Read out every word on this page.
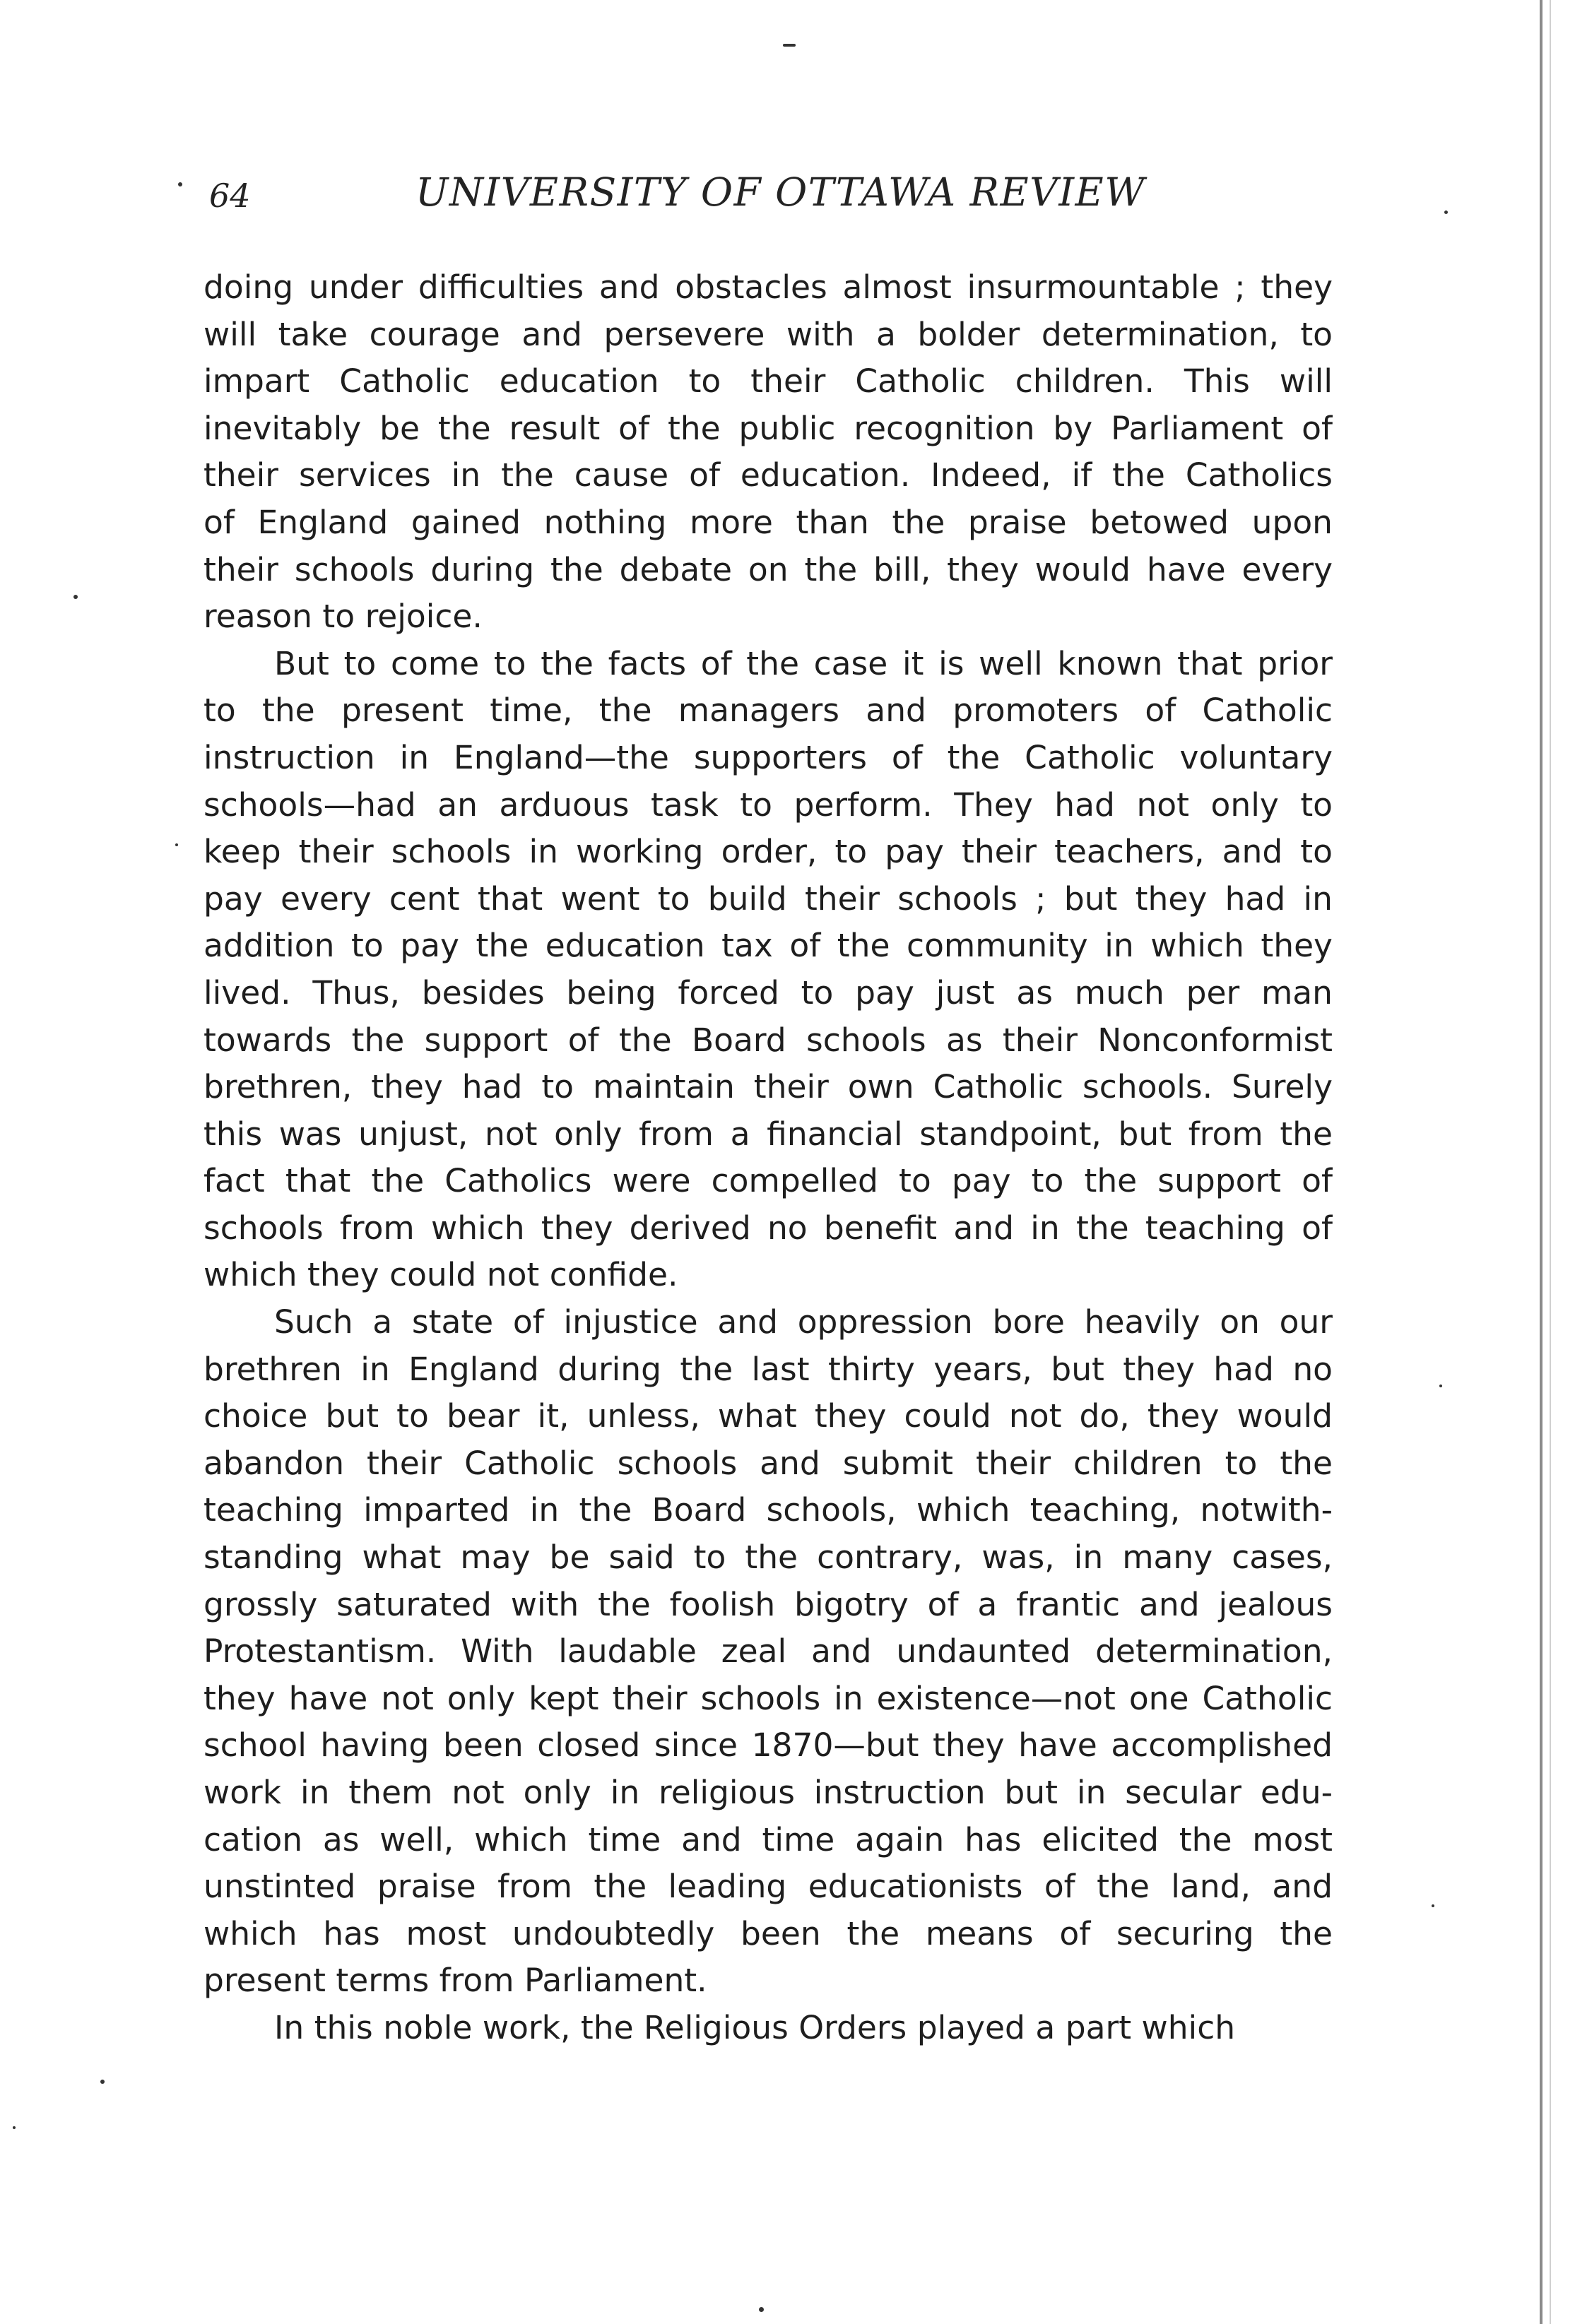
64	UNIVERSITY OF OTTAWA REVIEW
doing under difficulties and obstacles almost insurmountable ; they
will take courage and persevere with a bolder determination, to
impart Catholic education to their Catholic children. This will
inevitably be the result of the public recognition by Parliament of
their services in the cause of education. Indeed, if the Catholics
of England gained nothing more than the praise betowed upon
their schools during the debate on the bill, they would have every
reason to rejoice.
But to come to the facts of the case it is well known that prior
to the present time, the managers and promoters of Catholic
instruction in England—the supporters of the Catholic voluntary
schools—had an arduous task to perform. They had not only to
keep their schools in working order, to pay their teachers, and to
pay every cent that went to build their schools ; but they had in
addition to pay the education tax of the community in which they
lived. Thus, besides being forced to pay just as much per man
towards the support of the Board schools as their Nonconformist
brethren, they had to maintain their own Catholic schools. Surely
this was unjust, not only from a financial standpoint, but from the
fact that the Catholics were compelled to pay to the support of
schools from which they derived no benefit and in the teaching of
which they could not confide.
Such a state of injustice and oppression bore heavily on our
brethren in England during the last thirty years, but they had no
choice but to bear it, unless, what they could not do, they would
abandon their Catholic schools and submit their children to the
teaching imparted in the Board schools, which teaching, notwith-
standing what may be said to the contrary, was, in many cases,
grossly saturated with the foolish bigotry of a frantic and jealous
Protestantism. With laudable zeal and undaunted determination,
they have not only kept their schools in existence—not one Catholic
school having been closed since 1870—but they have accomplished
work in them not only in religious instruction but in secular edu-
cation as well, which time and time again has elicited the most
unstinted praise from the leading educationists of the land, and
which has most undoubtedly been the means of securing the
present terms from Parliament.
In this noble work, the Religious Orders played a part which
